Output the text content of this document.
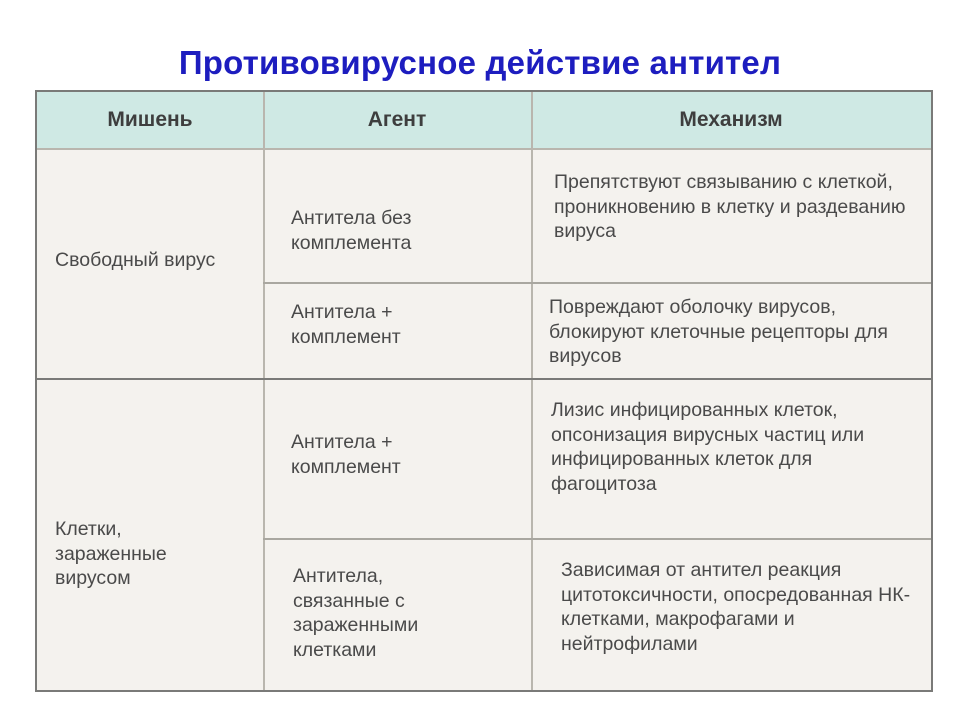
Противовирусное действие антител
Мишень	Агент	Механизм
Свободный вирус
Антитела без комплемента
Препятствуют связыванию с клеткой, проникновению в клетку и раздеванию вируса
Антитела + комплемент
Повреждают оболочку вирусов, блокируют клеточные рецепторы для вирусов
Клетки, зараженные вирусом
Антитела + комплемент
Лизис инфицированных клеток, опсонизация вирусных частиц или инфицированных клеток для фагоцитоза
Антитела, связанные с зараженными клетками
Зависимая от антител реакция цитотоксичности, опосредованная НК-клетками, макрофагами и нейтрофилами
